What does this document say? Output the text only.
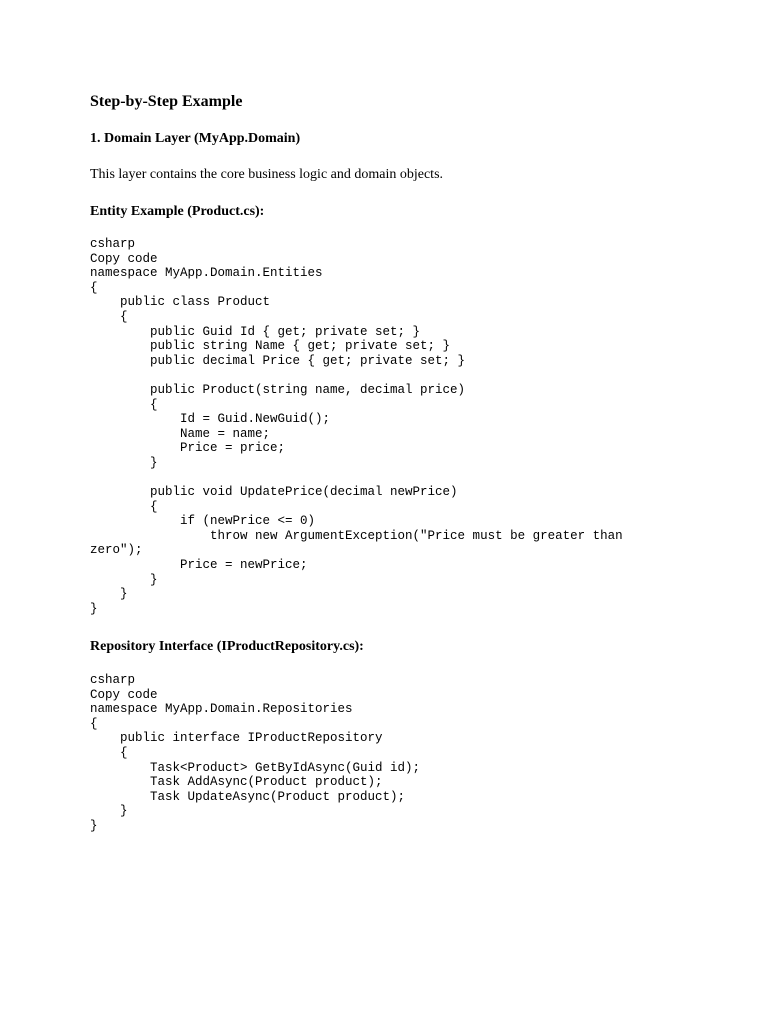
Step-by-Step Example
1. Domain Layer (MyApp.Domain)

This layer contains the core business logic and domain objects.

Entity Example (Product.cs):
csharp
Copy code
namespace MyApp.Domain.Entities
{
public class Product
{
public Guid Id { get; private set; }
public string Name { get; private set; }
public decimal Price { get; private set; }

public Product(string name, decimal price)
{
Id = Guid.NewGuid();
Name = name;
Price = price;
}

public void UpdatePrice(decimal newPrice)
{
if (newPrice <= 0)
throw new ArgumentException("Price must be greater than
zero");
Price = newPrice;
}
}
}
Repository Interface (IProductRepository.cs):
csharp
Copy code
namespace MyApp.Domain.Repositories
{
public interface IProductRepository
{
Task<Product> GetByIdAsync(Guid id);
Task AddAsync(Product product);
Task UpdateAsync(Product product);
}
}
